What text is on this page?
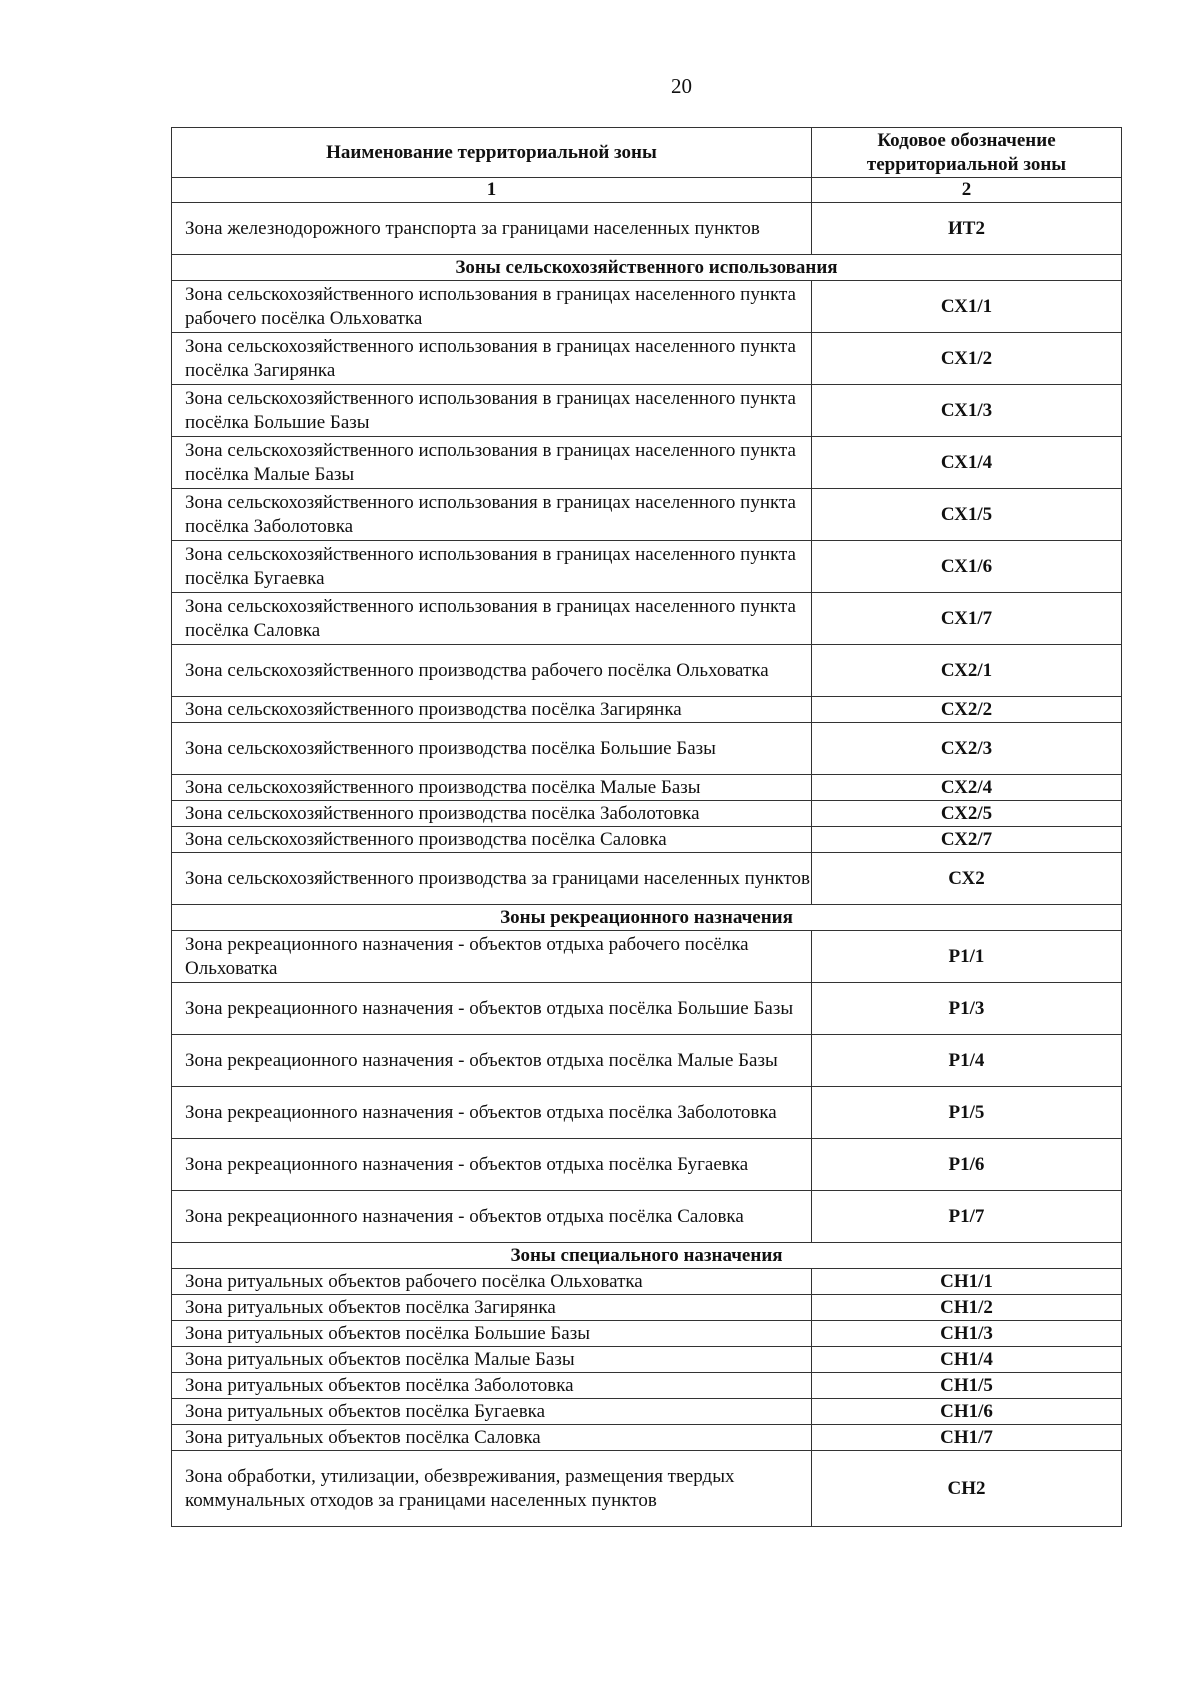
20
Наименование территориальной зоны	Кодовое обозначение территориальной зоны
1	2
Зона железнодорожного транспорта за границами населенных пунктов	ИТ2
Зоны сельскохозяйственного использования	
Зона сельскохозяйственного использования в границах населенного пункта рабочего посёлка Ольховатка	СХ1/1
Зона сельскохозяйственного использования в границах населенного пункта посёлка Загирянка	СХ1/2
Зона сельскохозяйственного использования в границах населенного пункта посёлка Большие Базы	СХ1/3
Зона сельскохозяйственного использования в границах населенного пункта посёлка Малые Базы	СХ1/4
Зона сельскохозяйственного использования в границах населенного пункта посёлка Заболотовка	СХ1/5
Зона сельскохозяйственного использования в границах населенного пункта посёлка Бугаевка	СХ1/6
Зона сельскохозяйственного использования в границах населенного пункта посёлка Саловка	СХ1/7
Зона сельскохозяйственного производства рабочего посёлка Ольховатка	СХ2/1
Зона сельскохозяйственного производства посёлка Загирянка	СХ2/2
Зона сельскохозяйственного производства посёлка Большие Базы	СХ2/3
Зона сельскохозяйственного производства посёлка Малые Базы	СХ2/4
Зона сельскохозяйственного производства посёлка Заболотовка	СХ2/5
Зона сельскохозяйственного производства посёлка Саловка	СХ2/7
Зона сельскохозяйственного производства за границами населенных пунктов	СХ2
Зоны рекреационного назначения	
Зона рекреационного назначения - объектов отдыха рабочего посёлка Ольховатка	Р1/1
Зона рекреационного назначения - объектов отдыха посёлка Большие Базы	Р1/3
Зона рекреационного назначения - объектов отдыха посёлка Малые Базы	Р1/4
Зона рекреационного назначения - объектов отдыха посёлка Заболотовка	Р1/5
Зона рекреационного назначения - объектов отдыха посёлка Бугаевка	Р1/6
Зона рекреационного назначения - объектов отдыха посёлка Саловка	Р1/7
Зоны специального назначения	
Зона ритуальных объектов рабочего посёлка Ольховатка	СН1/1
Зона ритуальных объектов посёлка Загирянка	СН1/2
Зона ритуальных объектов посёлка Большие Базы	СН1/3
Зона ритуальных объектов посёлка Малые Базы	СН1/4
Зона ритуальных объектов посёлка Заболотовка	СН1/5
Зона ритуальных объектов посёлка Бугаевка	СН1/6
Зона ритуальных объектов посёлка Саловка	СН1/7
Зона обработки, утилизации, обезвреживания, размещения твердых коммунальных отходов за границами населенных пунктов	СН2
